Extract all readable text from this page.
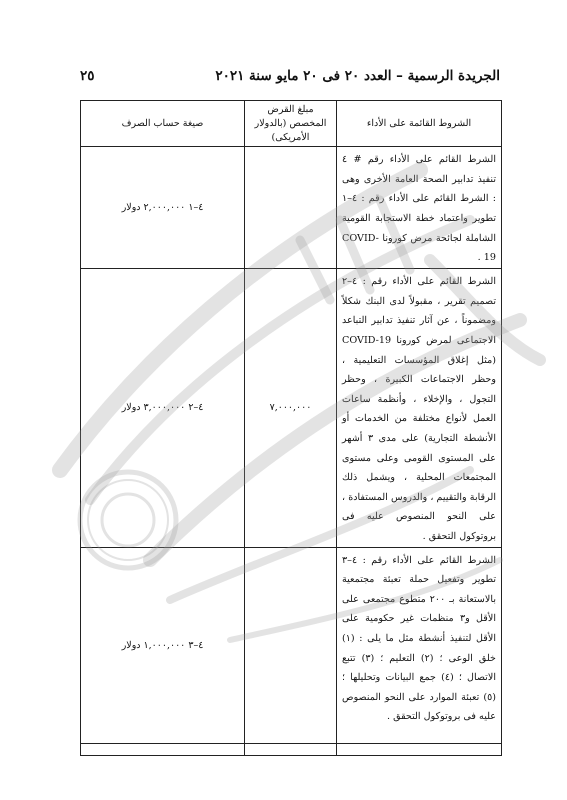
الجريدة الرسمية – العدد ٢٠ فى ٢٠ مايو سنة ٢٠٢١
٢٥
الشروط القائمة على الأداء	مبلغ القرض المخصص (بالدولار الأمريكى)	صيغة حساب الصرف
الشرط القائم على الأداء رقم # ٤ تنفيذ تدابير الصحة العامة الأخرى وهى : الشرط القائم على الأداء رقم : ٤–١ تطوير واعتماد خطة الاستجابة القومية الشاملة لجائحة مرض كورونا COVID-19 .		٤–١ ٢,٠٠٠,٠٠٠ دولار
الشرط القائم على الأداء رقم : ٤–٢ تصميم تقرير ، مقبولاً لدى البنك شكلاً ومضموناً ، عن آثار تنفيذ تدابير التباعد الاجتماعى لمرض كورونا COVID-19 (مثل إغلاق المؤسسات التعليمية ، وحظر الاجتماعات الكبيرة ، وحظر التجول ، والإخلاء ، وأنظمة ساعات العمل لأنواع مختلفة من الخدمات أو الأنشطة التجارية) على مدى ٣ أشهر على المستوى القومى وعلى مستوى المجتمعات المحلية ، ويشمل ذلك الرقابة والتقييم ، والدروس المستفادة ، على النحو المنصوص عليه فى بروتوكول التحقق .	٧,٠٠٠,٠٠٠	٤–٢ ٣,٠٠٠,٠٠٠ دولار
الشرط القائم على الأداء رقم : ٤–٣ تطوير وتفعيل حملة تعبئة مجتمعية بالاستعانة بـ ٢٠٠ متطوع مجتمعى على الأقل و٣ منظمات غير حكومية على الأقل لتنفيذ أنشطة مثل ما يلى : (١) خلق الوعى ؛ (٢) التعليم ؛ (٣) تتبع الاتصال ؛ (٤) جمع البيانات وتحليلها ؛ (٥) تعبئة الموارد على النحو المنصوص عليه فى بروتوكول التحقق .		٤–٣ ١,٠٠٠,٠٠٠ دولار
